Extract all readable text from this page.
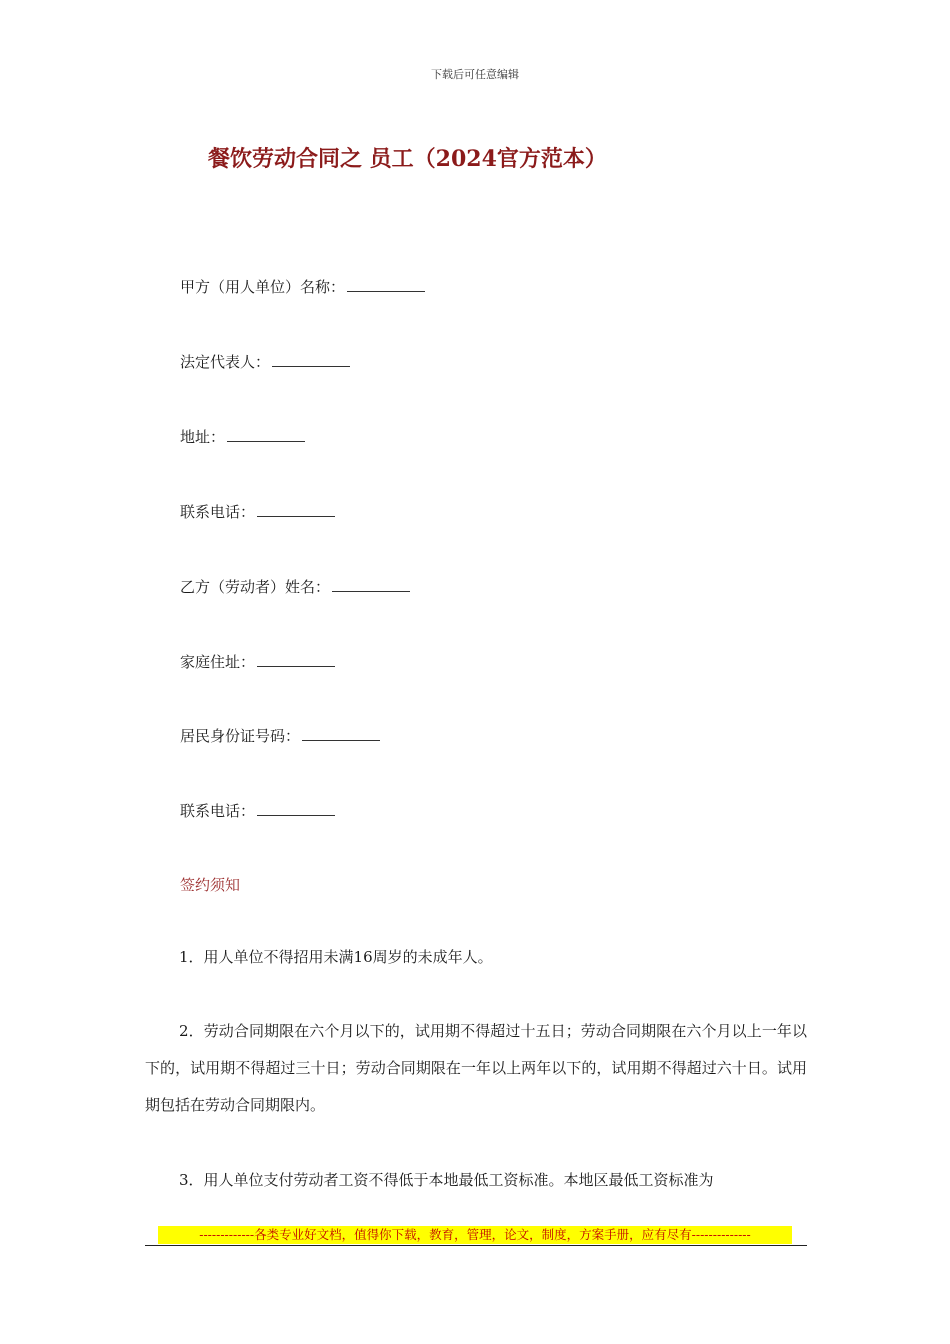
下载后可任意编辑
餐饮劳动合同之 员工（2024官方范本）
甲方（用人单位）名称：
法定代表人：
地址：
联系电话：
乙方（劳动者）姓名：
家庭住址：
居民身份证号码：
联系电话：
签约须知
1．用人单位不得招用未满16周岁的未成年人。
2．劳动合同期限在六个月以下的，试用期不得超过十五日；劳动合同期限在六个月以上一年以下的，试用期不得超过三十日；劳动合同期限在一年以上两年以下的，试用期不得超过六十日。试用期包括在劳动合同期限内。
3．用人单位支付劳动者工资不得低于本地最低工资标准。本地区最低工资标准为
-------------各类专业好文档，值得你下载，教育，管理，论文，制度，方案手册，应有尽有--------------
